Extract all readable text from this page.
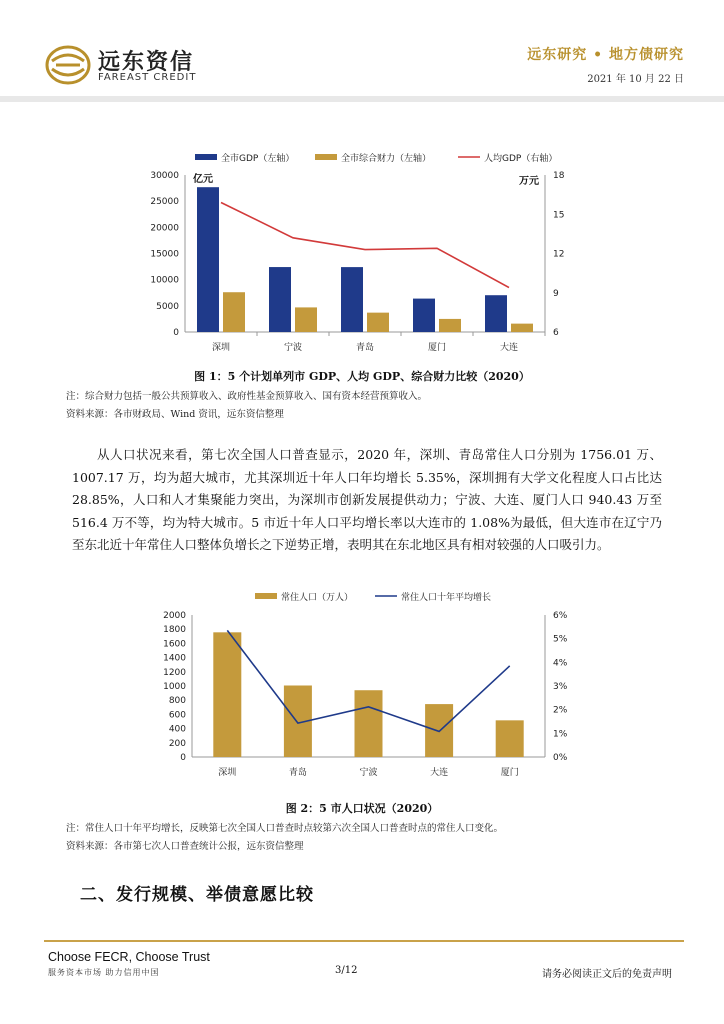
远东资信
FAREAST CREDIT
远东研究 • 地方债研究
2021 年 10 月 22 日
全市GDP（左轴）	全市综合财力（左轴）	人均GDP（右轴）
亿元	万元
0
5000
10000
15000
20000
25000
30000
6
9
12
15
18
深圳	宁波	青岛	厦门	大连
图 1：5 个计划单列市 GDP、人均 GDP、综合财力比较（2020）
注：综合财力包括一般公共预算收入、政府性基金预算收入、国有资本经营预算收入。
资料来源：各市财政局、Wind 资讯，远东资信整理
从人口状况来看，第七次全国人口普查显示，2020 年，深圳、青岛常住人口分别为 1756.01 万、1007.17 万，均为超大城市，尤其深圳近十年人口年均增长 5.35%，深圳拥有大学文化程度人口占比达 28.85%，人口和人才集聚能力突出，为深圳市创新发展提供动力；宁波、大连、厦门人口 940.43 万至 516.4 万不等，均为特大城市。5 市近十年人口平均增长率以大连市的 1.08%为最低，但大连市在辽宁乃至东北近十年常住人口整体负增长之下逆势正增，表明其在东北地区具有相对较强的人口吸引力。
常住人口（万人）	常住人口十年平均增长
0
200
400
600
800
1000
1200
1400
1600
1800
2000
0%
1%
2%
3%
4%
5%
6%
深圳	青岛	宁波	大连	厦门
图 2：5 市人口状况（2020）
注：常住人口十年平均增长，反映第七次全国人口普查时点较第六次全国人口普查时点的常住人口变化。
资料来源：各市第七次人口普查统计公报，远东资信整理
二、发行规模、举债意愿比较
Choose FECR, Choose Trust
服务资本市场 助力信用中国	3/12	请务必阅读正文后的免责声明
